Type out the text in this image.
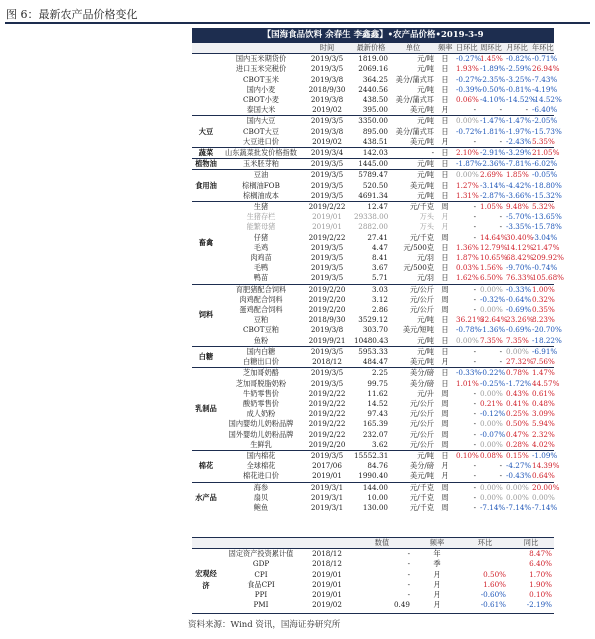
图 6：最新农产品价格变化
【国海食品饮料 余春生 李鑫鑫】•农产品价格•2019-3-9									
		时间	最新价格	单位	频率	日环比	周环比	月环比	年环比
	国内玉米期货价	2019/3/5	1819.00	元/吨	日	-0.27%	1.45%	-0.82%	-0.71%
	进口玉米完税价	2019/3/5	2069.16	元/吨	日	1.93%	-1.89%	-2.59%	26.94%
	CBOT玉米	2019/3/8	364.25	美分/蒲式耳	日	-0.27%	-2.35%	-3.25%	-7.43%
	国内小麦	2018/9/30	2440.56	元/吨	日	-0.39%	-0.50%	-0.81%	-4.19%
	CBOT小麦	2019/3/8	438.50	美分/蒲式耳	日	0.06%	-4.10%	-14.52%	-14.52%
	泰国大米	2019/02	395.00	美元/吨	月	-	-	-	-6.40%
大豆	国内大豆	2019/3/5	3350.00	元/吨	日	0.00%	-1.47%	-1.47%	-2.05%
	CBOT大豆	2019/3/8	895.00	美分/蒲式耳	日	-0.72%	-1.81%	-1.97%	-15.73%
	大豆进口价	2019/02	438.51	美元/吨	月	-	-	-2.43%	5.35%
蔬菜	山东蔬菜批发价格指数	2019/3/4	142.03	-	日	2.10%	-2.91%	-3.29%	21.05%
植物油	玉米胚芽粕	2019/3/5	1445.00	元/吨	日	-1.87%	-2.36%	-7.81%	-6.02%
食用油	豆油	2019/3/5	5789.47	元/吨	日	0.00%	2.69%	1.85%	-0.05%
	棕榈油FOB	2019/3/5	520.50	美元/吨	日	1.27%	-3.14%	-4.42%	-18.80%
	棕榈油成本	2019/3/5	4691.34	元/吨	日	1.31%	-2.87%	-3.66%	-15.32%
畜禽	生猪	2019/2/22	12.47	元/千克	周	-	1.05%	9.48%	5.32%
	生猪存栏	2019/01	29338.00	万头	月	-	-	-5.70%	-13.65%
	能繁母猪	2019/01	2882.00	万头	月	-	-	-3.35%	-15.78%
	仔猪	2019/2/22	27.41	元/千克	周	-	14.64%	30.40%	-3.04%
	毛鸡	2019/3/5	4.47	元/500克	日	1.36%	12.79%	14.12%	21.47%
	肉鸡苗	2019/3/5	8.41	元/羽	日	1.87%	10.65%	68.42%	209.92%
	毛鸭	2019/3/5	3.67	元/500克	日	0.03%	1.56%	-9.70%	-0.74%
	鸭苗	2019/3/5	5.71	元/羽	日	1.62%	6.50%	76.33%	105.68%
饲料	育肥猪配合饲料	2019/2/20	3.03	元/公斤	周	-	0.00%	-0.33%	1.00%
	肉鸡配合饲料	2019/2/20	3.12	元/公斤	周	-	-0.32%	-0.64%	0.32%
	蛋鸡配合饲料	2019/2/20	2.86	元/公斤	周	-	0.00%	-0.69%	0.35%
	豆粕	2018/9/30	3529.12	元/吨	日	36.21%	32.64%	23.26%	8.23%
	CBOT豆粕	2019/3/8	303.70	美元/短吨	日	-0.78%	-1.36%	-0.69%	-20.70%
	鱼粉	2019/9/21	10480.43	元/吨	日	0.00%	7.35%	7.35%	-18.22%
白糖	国内白糖	2019/3/5	5953.33	元/吨	日	-	-	0.00%	-6.91%
	白糖出口价	2018/12	484.47	美元/吨	月	-	-	27.32%	7.56%
乳制品	芝加哥奶酪	2019/3/5	2.25	美分/磅	日	-0.33%	-0.22%	0.78%	1.47%
	芝加哥脱脂奶粉	2019/3/5	99.75	美分/磅	日	1.01%	-0.25%	-1.72%	44.57%
	牛奶零售价	2019/2/22	11.62	元/升	周	-	0.00%	0.43%	0.61%
	酸奶零售价	2019/2/22	14.52	元/公斤	周	-	0.21%	0.41%	0.48%
	成人奶粉	2019/2/22	97.43	元/公斤	周	-	-0.12%	0.25%	3.09%
	国内婴幼儿奶粉品牌	2019/2/22	165.39	元/公斤	周	-	0.00%	0.50%	5.94%
	国外婴幼儿奶粉品牌	2019/2/22	232.07	元/公斤	周	-	-0.07%	0.47%	2.32%
	生鲜乳	2019/2/20	3.62	元/公斤	周	-	0.00%	0.28%	4.02%
棉花	国内棉花	2019/3/5	15552.31	元/吨	日	0.10%	0.08%	0.15%	-1.09%
	全球棉花	2017/06	84.76	美分/磅	月	-	-	-4.27%	14.39%
	棉花进口价	2019/01	1990.40	美元/吨	月	-	-	-0.43%	0.64%
水产品	海参	2019/3/1	144.00	元/千克	周	-	0.00%	0.00%	20.00%
	扇贝	2019/3/1	10.00	元/千克	周	-	0.00%	0.00%	0.00%
	鲍鱼	2019/3/1	130.00	元/千克	周	-	-7.14%	-7.14%	-7.14%
			数值	频率	环比	同比
宏观经济	固定资产投资累计值	2018/12	-	年		8.47%
	GDP	2018/12	-	季		6.40%
	CPI	2019/01	-	月	0.50%	1.70%
	食品CPI	2019/01	-	月	1.60%	1.90%
	PPI	2019/01	-	月	-0.60%	0.10%
	PMI	2019/02	0.49	月	-0.61%	-2.19%
资料来源：Wind 资讯，国海证券研究所
